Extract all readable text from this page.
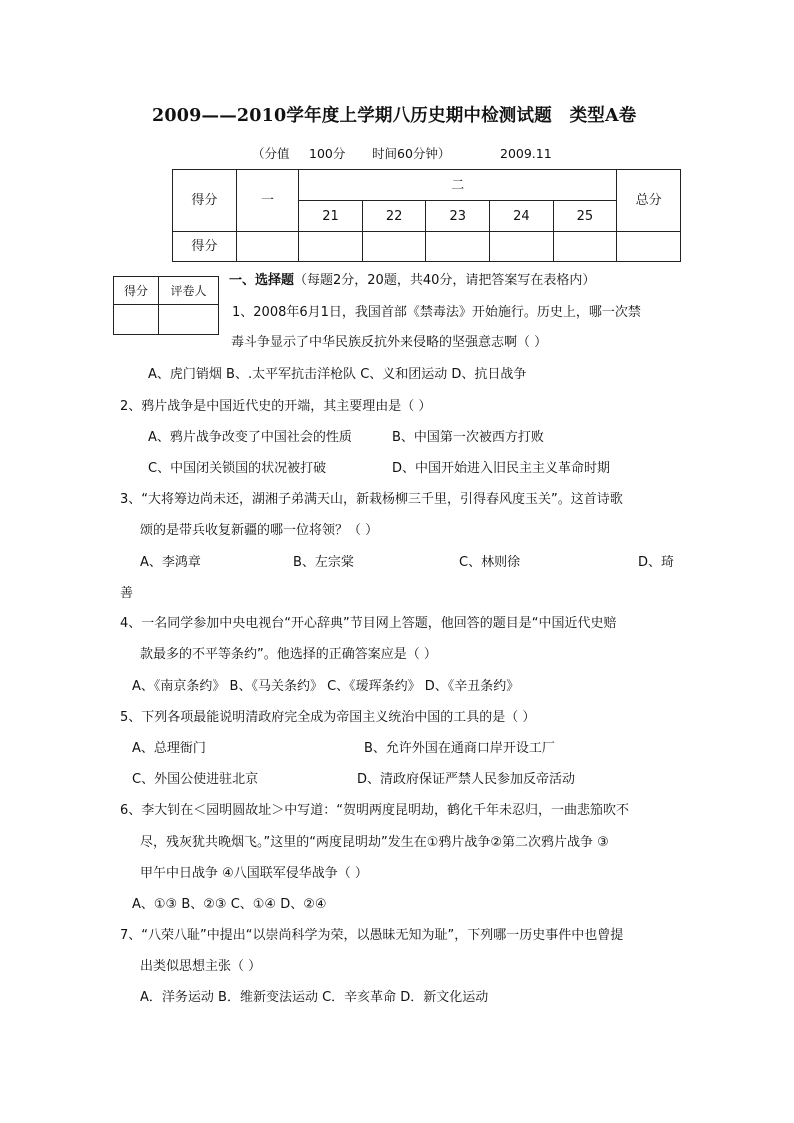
2009——2010学年度上学期八历史期中检测试题　类型A卷
（分值 100分 时间60分钟）	2009.11
得分	一	二					总分
		21	22	23	24	25	
得分							
得分	评卷人

一、选择题（每题2分，20题，共40分，请把答案写在表格内）
1、2008年6月1日，我国首部《禁毒法》开始施行。历史上，哪一次禁
毒斗争显示了中华民族反抗外来侵略的坚强意志啊（ ）
A、虎门销烟 B、.太平军抗击洋枪队 C、义和团运动 D、抗日战争
2、鸦片战争是中国近代史的开端，其主要理由是（ ）
A、鸦片战争改变了中国社会的性质	B、中国第一次被西方打败
C、中国闭关锁国的状况被打破	D、中国开始进入旧民主主义革命时期
3、“大将筹边尚未还，湖湘子弟满天山，新栽杨柳三千里，引得春风度玉关”。这首诗歌
颂的是带兵收复新疆的哪一位将领？（ ）
A、李鸿章	B、左宗棠	C、林则徐	D、琦
善
4、一名同学参加中央电视台“开心辞典”节目网上答题，他回答的题目是“中国近代史赔
款最多的不平等条约”。他选择的正确答案应是（ ）
A、《南京条约》 B、《马关条约》 C、《瑷珲条约》 D、《辛丑条约》
5、下列各项最能说明清政府完全成为帝国主义统治中国的工具的是（ ）
A、总理衙门	B、允许外国在通商口岸开设工厂
C、外国公使进驻北京	D、清政府保证严禁人民参加反帝活动
6、李大钊在＜园明圆故址＞中写道：“贺明两度昆明劫，鹤化千年未忍归，一曲悲笳吹不
尽，残灰犹共晚烟飞。”这里的“两度昆明劫”发生在①鸦片战争②第二次鸦片战争 ③
甲午中日战争 ④八国联军侵华战争（ ）
A、①③ B、②③ C、①④ D、②④
7、“八荣八耻”中提出“以崇尚科学为荣，以愚昧无知为耻”，下列哪一历史事件中也曾提
出类似思想主张（ ）
A．洋务运动 B．维新变法运动 C．辛亥革命 D．新文化运动
